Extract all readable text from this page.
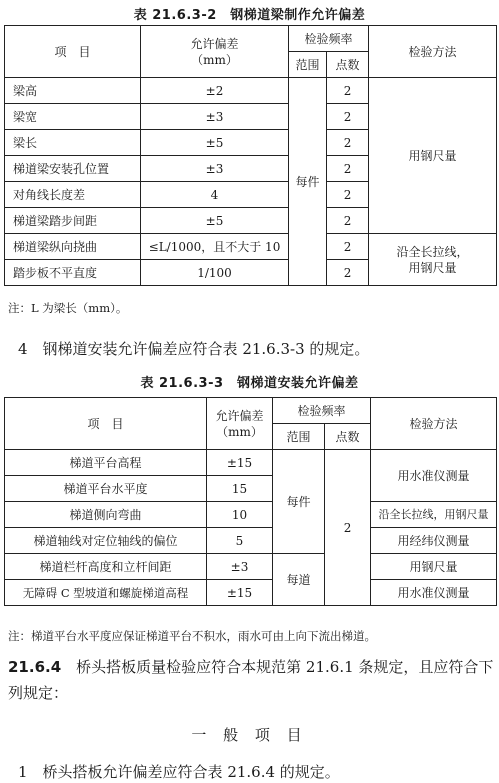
表 21.6.3-2　钢梯道梁制作允许偏差
项　目	允许偏差
（mm）	检验频率		检验方法
		范围	点数	
梁高	±2	每件	2	用钢尺量
梁宽	±3		2	
梁长	±5		2	
梯道梁安装孔位置	±3		2	
对角线长度差	4		2	
梯道梁踏步间距	±5		2	
梯道梁纵向挠曲	≤L/1000，且不大于 10		2	沿全长拉线，
用钢尺量
踏步板不平直度	1/100		2	
注：L 为梁长（mm）。
4　钢梯道安装允许偏差应符合表 21.6.3-3 的规定。
表 21.6.3-3　钢梯道安装允许偏差
项　目	允许偏差
（mm）	检验频率		检验方法
		范围	点数	
梯道平台高程	±15	每件	2	用水准仪测量
梯道平台水平度	15			
梯道侧向弯曲	10			沿全长拉线，用钢尺量
梯道轴线对定位轴线的偏位	5			用经纬仪测量
梯道栏杆高度和立杆间距	±3	每道		用钢尺量
无障碍 C 型坡道和螺旋梯道高程	±15			用水准仪测量
注：梯道平台水平度应保证梯道平台不积水，雨水可由上向下流出梯道。
21.6.4　桥头搭板质量检验应符合本规范第 21.6.1 条规定，且应符合下列规定：
一 般 项 目
1　桥头搭板允许偏差应符合表 21.6.4 的规定。
